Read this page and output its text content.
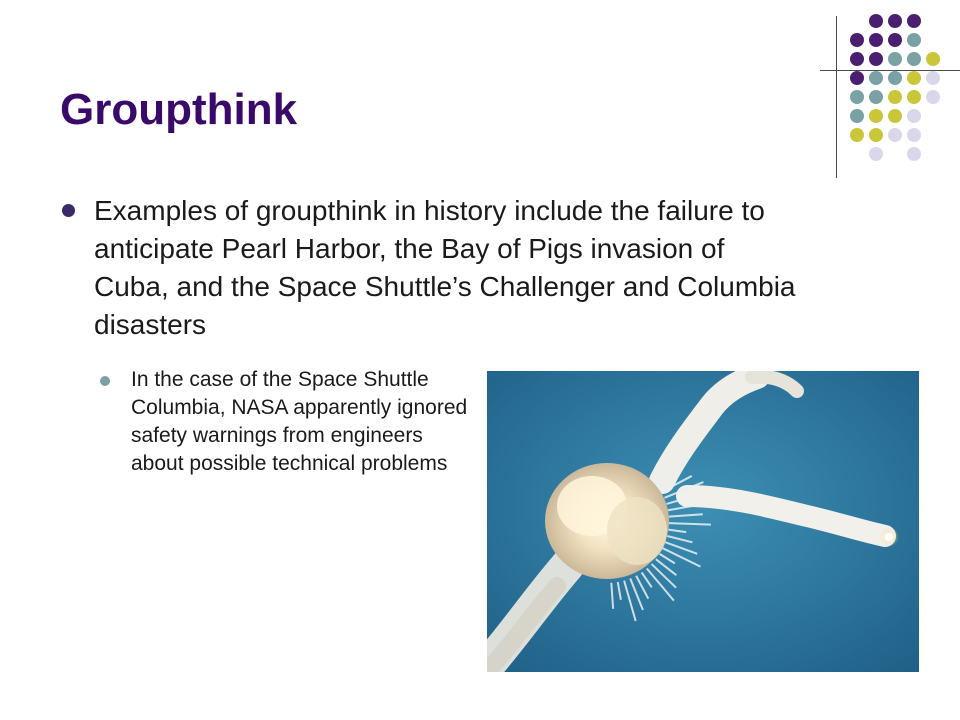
Groupthink
Examples of groupthink in history include the failure to anticipate Pearl Harbor, the Bay of Pigs invasion of Cuba, and the Space Shuttle’s Challenger and Columbia disasters
In the case of the Space Shuttle Columbia, NASA apparently ignored safety warnings from engineers about possible technical problems
